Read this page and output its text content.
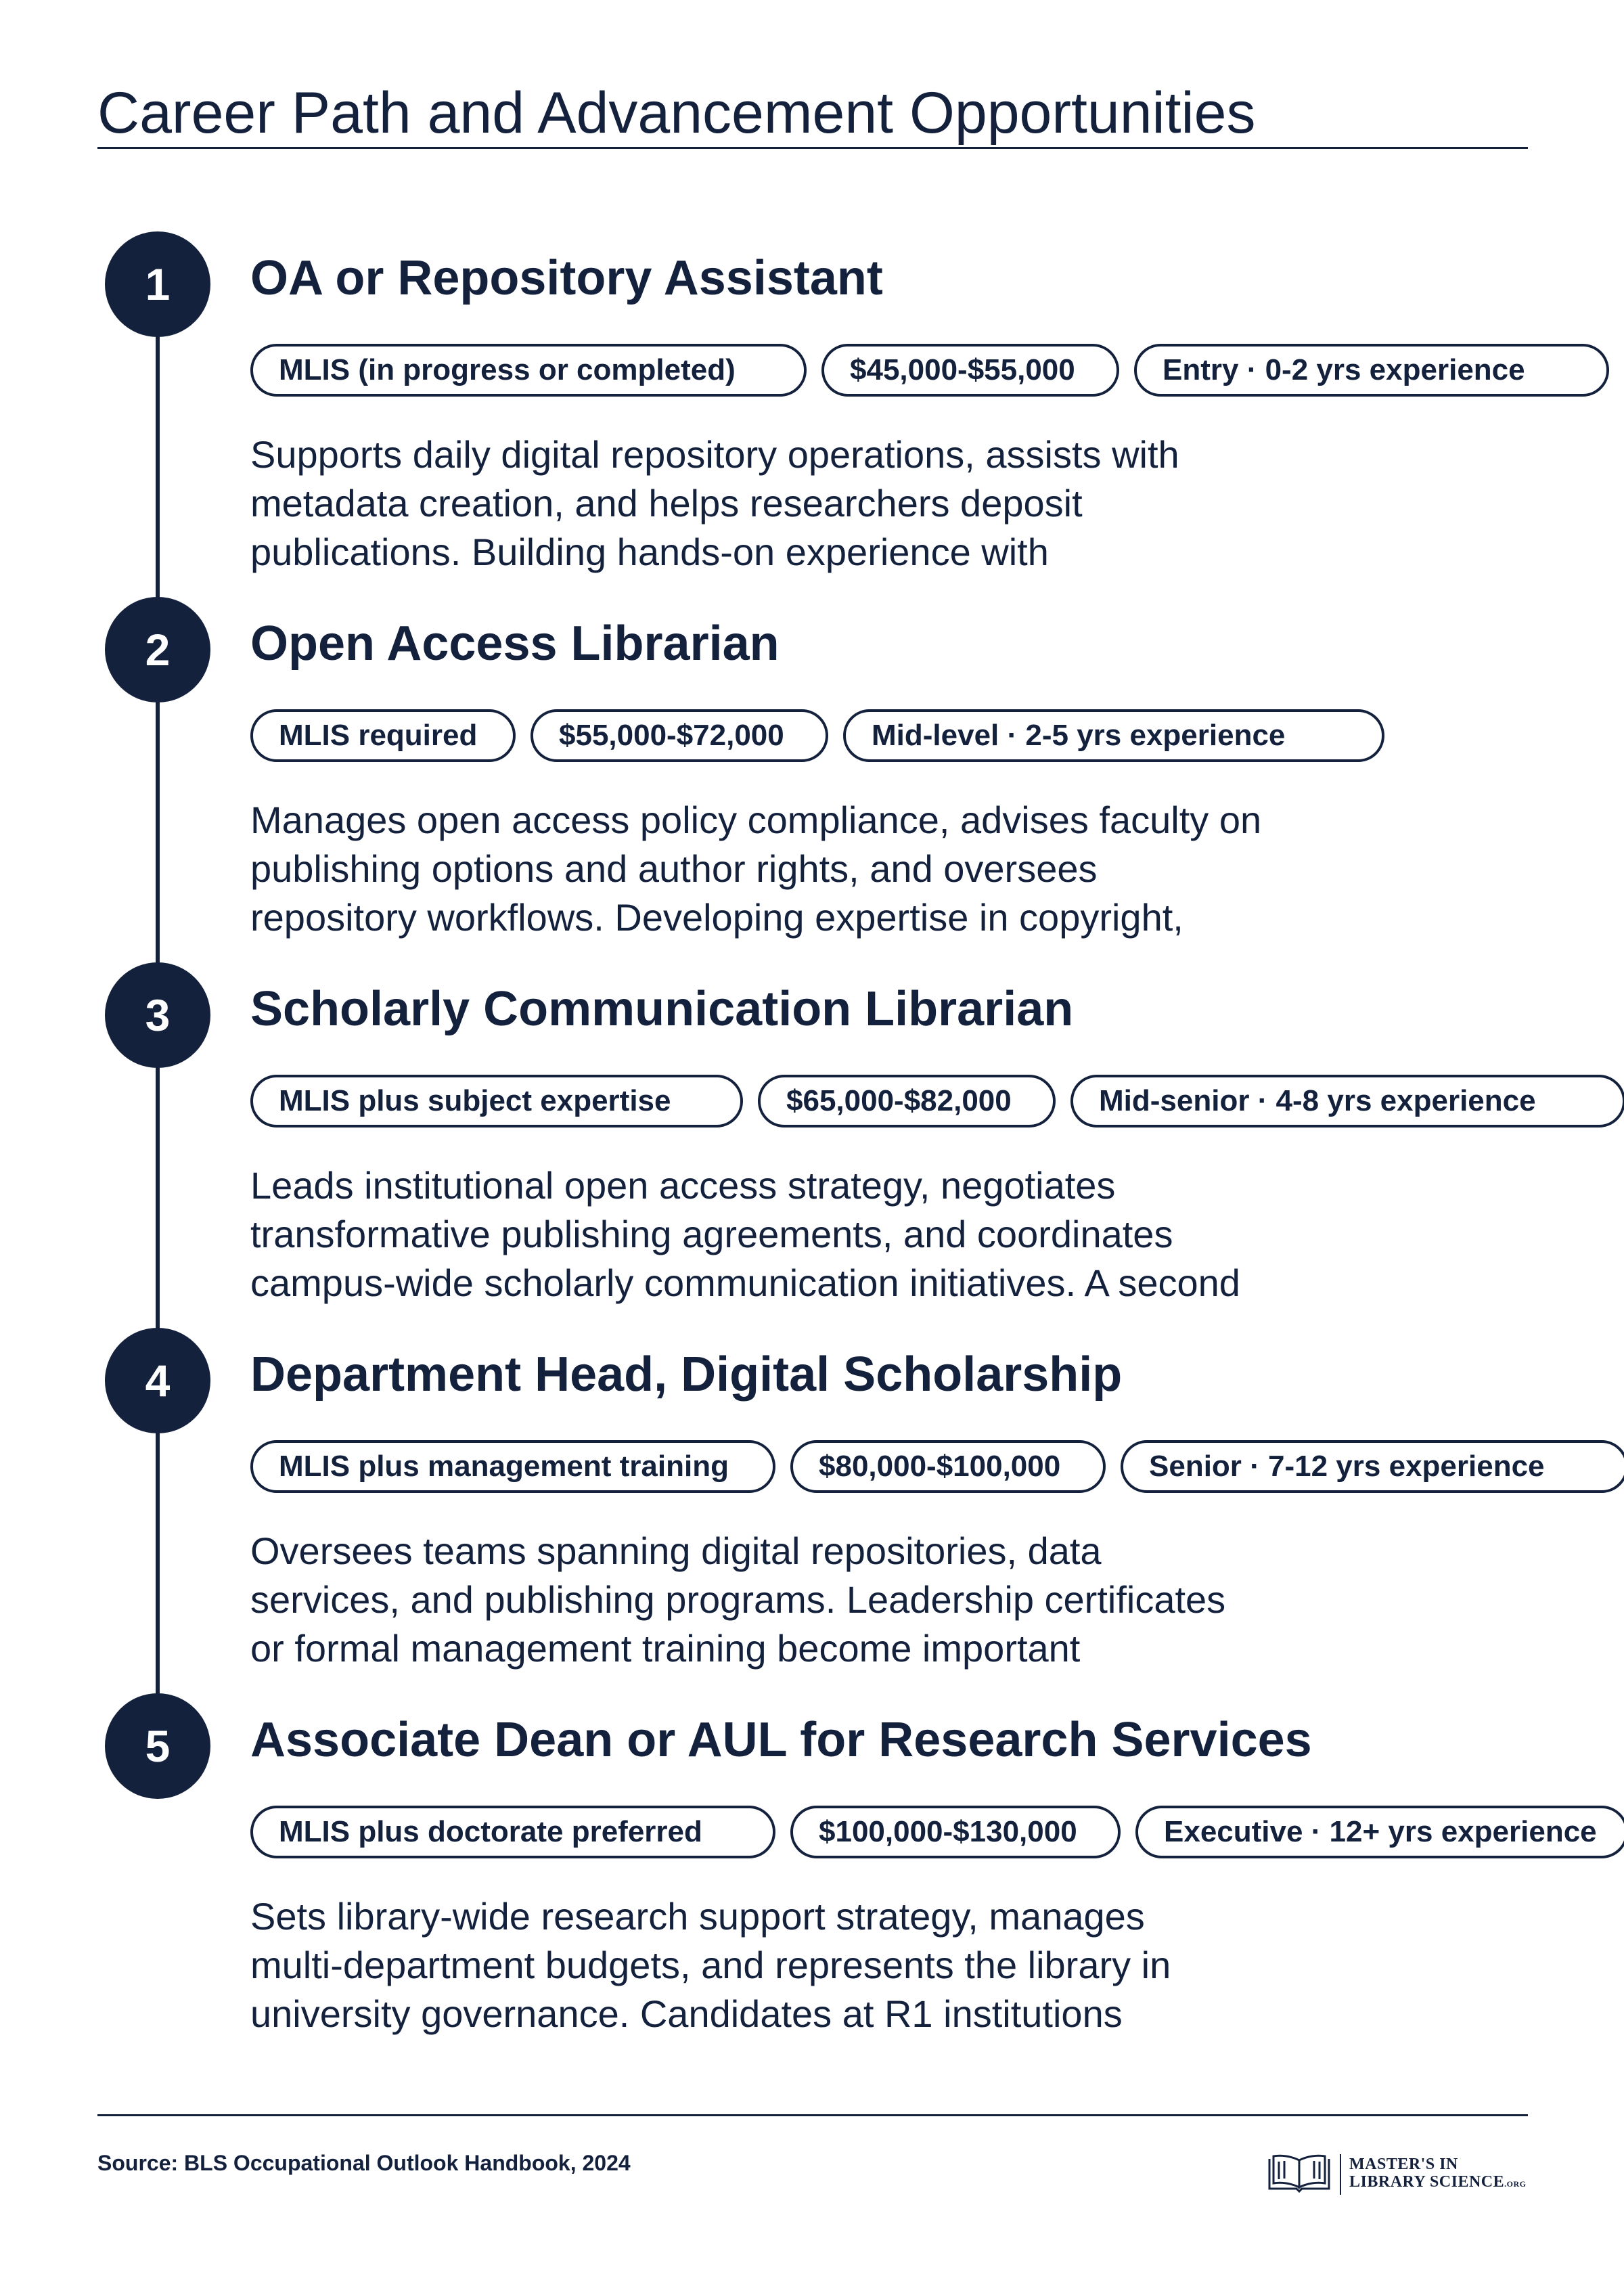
Career Path and Advancement Opportunities
1	OA or Repository Assistant
MLIS (in progress or completed)	$45,000-$55,000	Entry · 0-2 yrs experience
Supports daily digital repository operations, assists with
metadata creation, and helps researchers deposit
publications. Building hands-on experience with
2	Open Access Librarian
MLIS required	$55,000-$72,000	Mid-level · 2-5 yrs experience
Manages open access policy compliance, advises faculty on
publishing options and author rights, and oversees
repository workflows. Developing expertise in copyright,
3	Scholarly Communication Librarian
MLIS plus subject expertise	$65,000-$82,000	Mid-senior · 4-8 yrs experience
Leads institutional open access strategy, negotiates
transformative publishing agreements, and coordinates
campus-wide scholarly communication initiatives. A second
4	Department Head, Digital Scholarship
MLIS plus management training	$80,000-$100,000	Senior · 7-12 yrs experience
Oversees teams spanning digital repositories, data
services, and publishing programs. Leadership certificates
or formal management training become important
5	Associate Dean or AUL for Research Services
MLIS plus doctorate preferred	$100,000-$130,000	Executive · 12+ yrs experience
Sets library-wide research support strategy, manages
multi-department budgets, and represents the library in
university governance. Candidates at R1 institutions
Source: BLS Occupational Outlook Handbook, 2024	MASTER'S IN
LIBRARY SCIENCE.ORG
